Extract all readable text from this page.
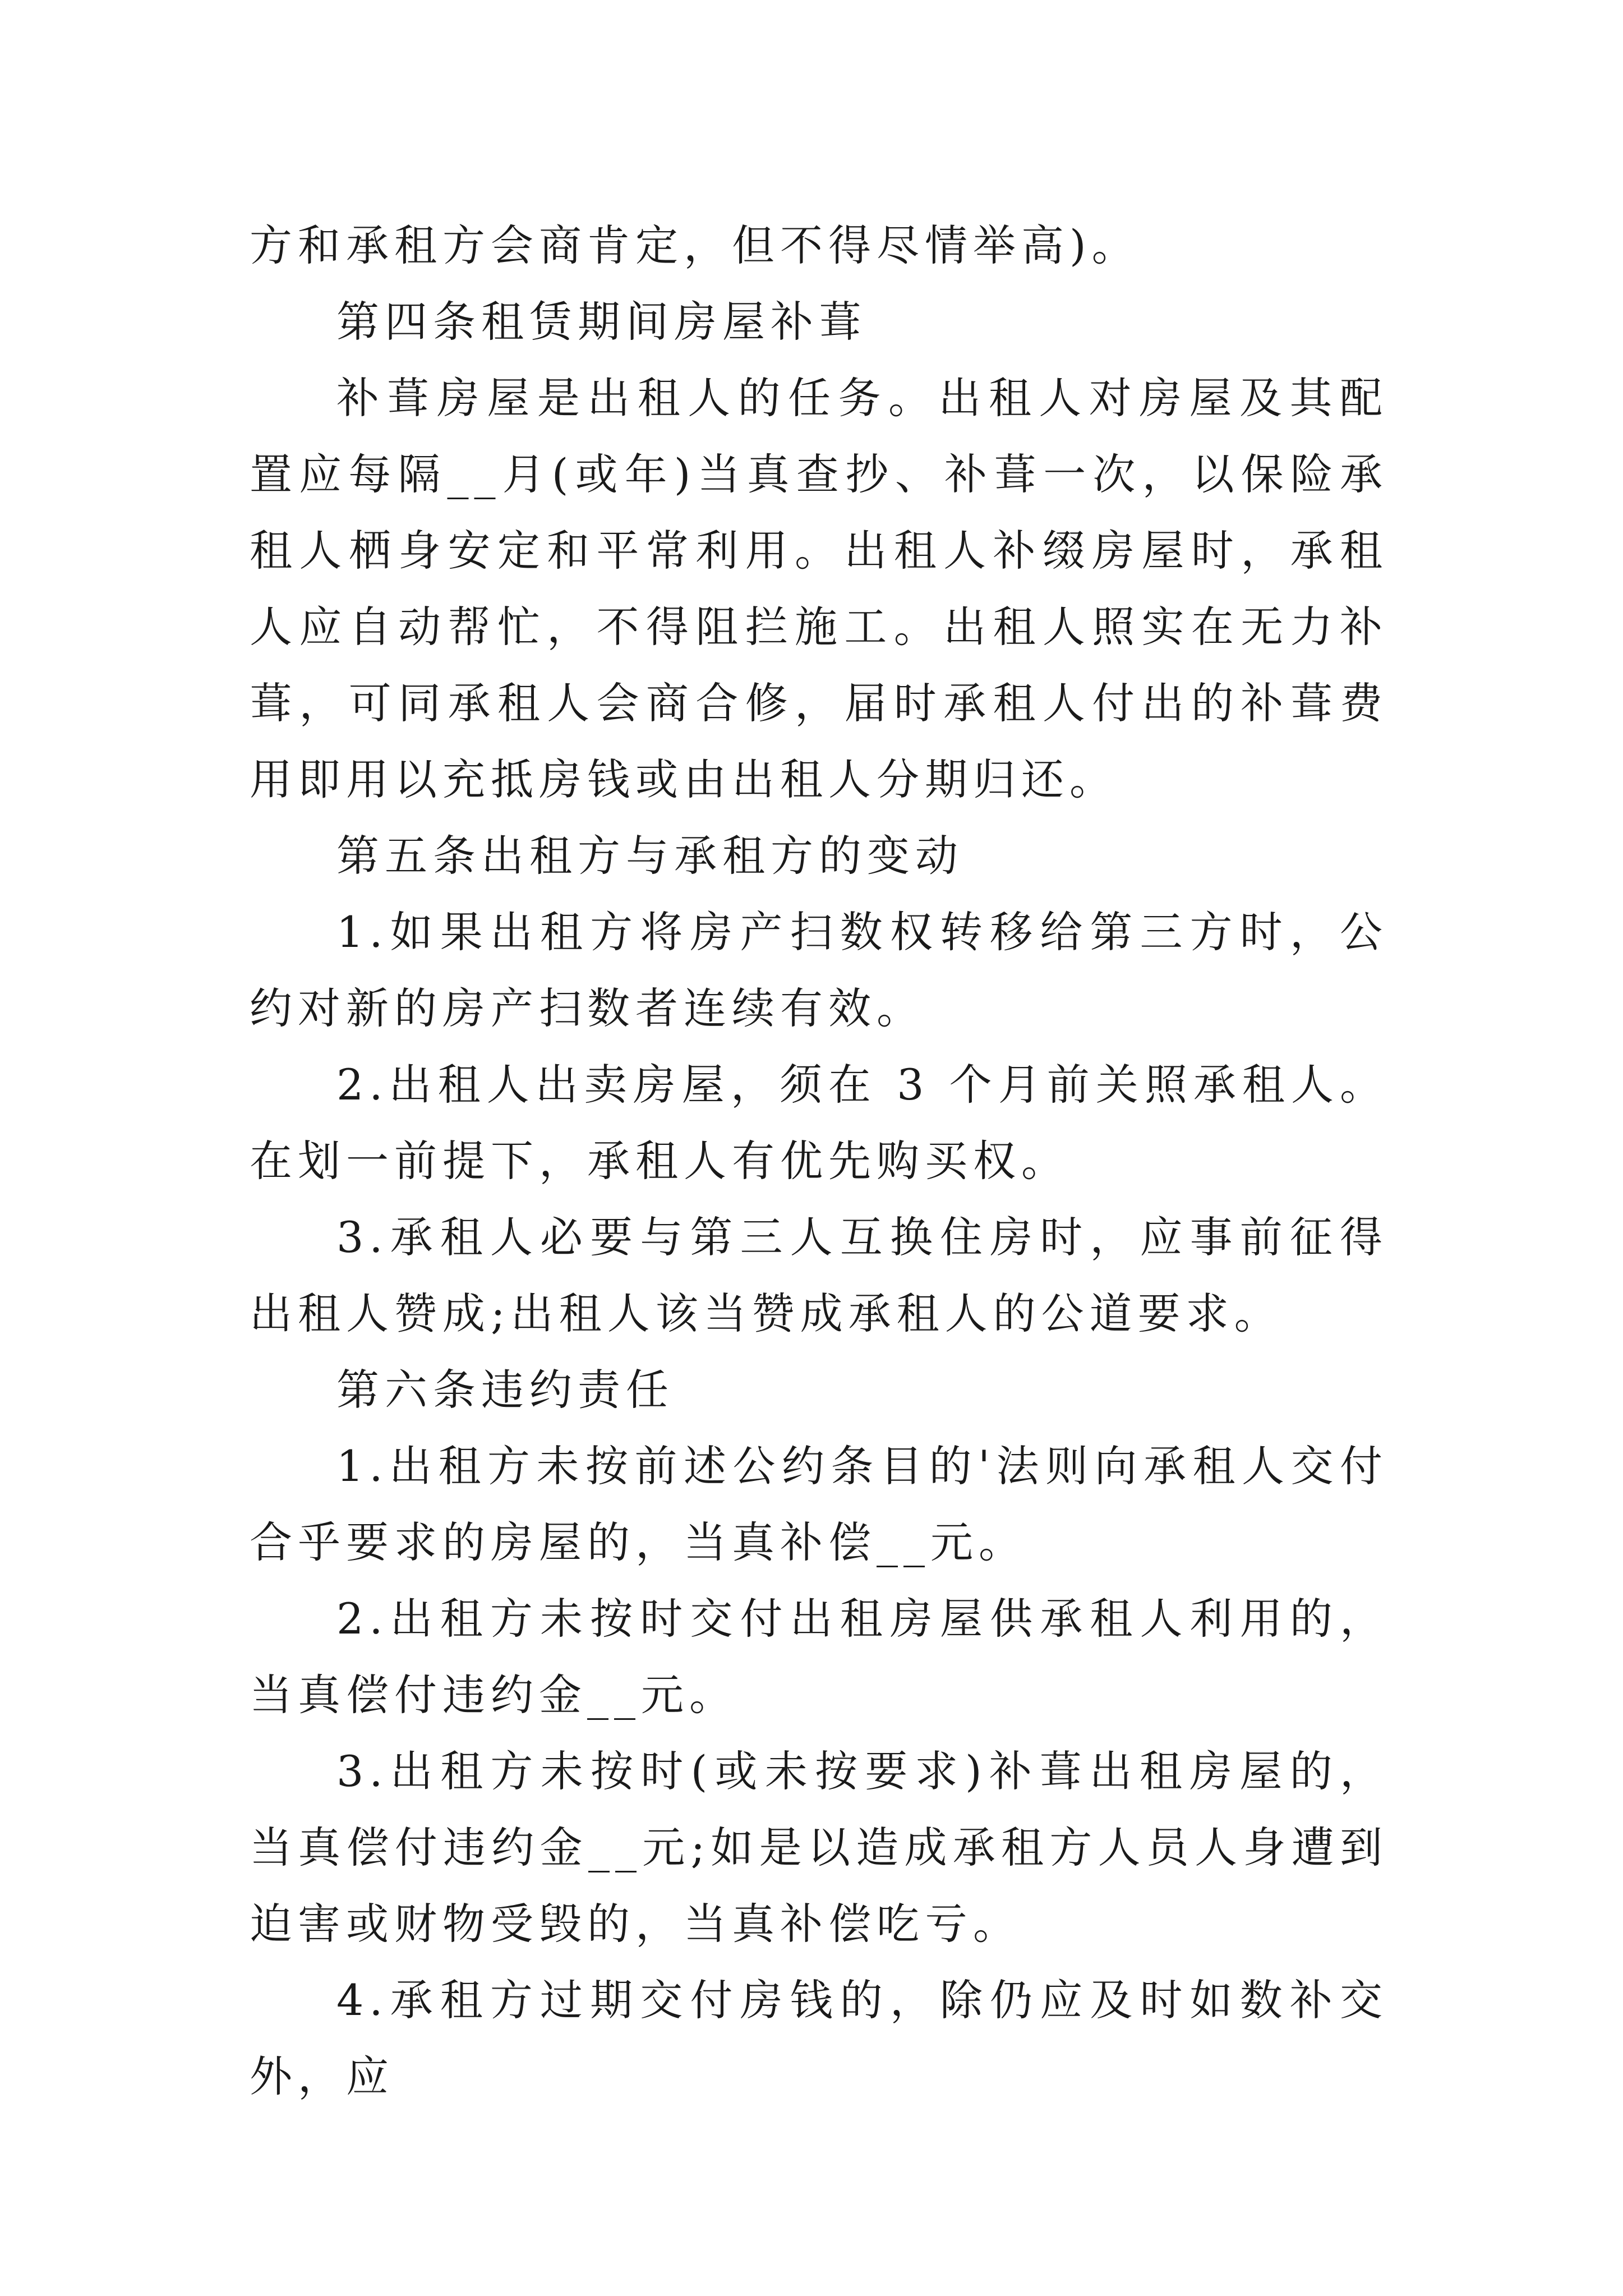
方和承租方会商肯定，但不得尽情举高)。

第四条租赁期间房屋补葺

补葺房屋是出租人的任务。出租人对房屋及其配置应每隔__月(或年)当真查抄、补葺一次，以保险承租人栖身安定和平常利用。出租人补缀房屋时，承租人应自动帮忙，不得阻拦施工。出租人照实在无力补葺，可同承租人会商合修，届时承租人付出的补葺费用即用以充抵房钱或由出租人分期归还。

第五条出租方与承租方的变动

1.如果出租方将房产扫数权转移给第三方时，公约对新的房产扫数者连续有效。

2.出租人出卖房屋，须在 3 个月前关照承租人。在划一前提下，承租人有优先购买权。

3.承租人必要与第三人互换住房时，应事前征得出租人赞成;出租人该当赞成承租人的公道要求。

第六条违约责任

1.出租方未按前述公约条目的'法则向承租人交付合乎要求的房屋的，当真补偿__元。

2.出租方未按时交付出租房屋供承租人利用的，当真偿付违约金__元。

3.出租方未按时(或未按要求)补葺出租房屋的，当真偿付违约金__元;如是以造成承租方人员人身遭到迫害或财物受毁的，当真补偿吃亏。

4.承租方过期交付房钱的，除仍应及时如数补交外，应
